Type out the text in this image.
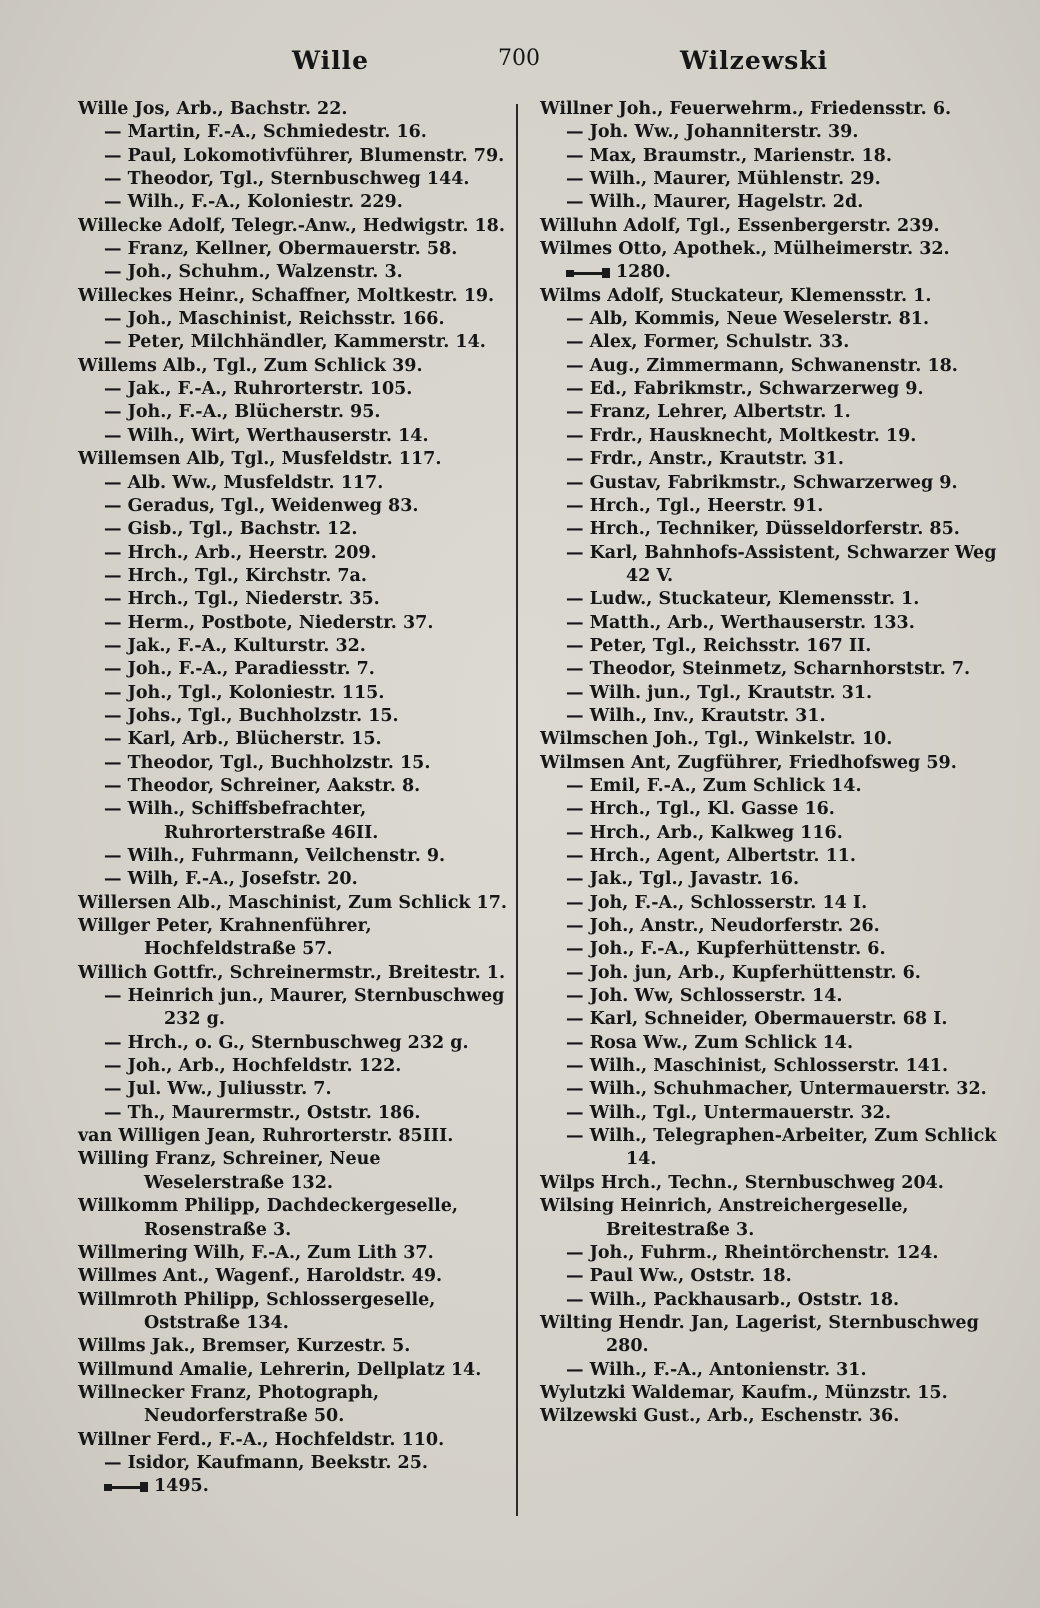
Wille	700	Wilzewski
Wille Jos, Arb., Bachstr. 22.
— Martin, F.-A., Schmiedestr. 16.
— Paul, Lokomotivführer, Blumenstr. 79.
— Theodor, Tgl., Sternbuschweg 144.
— Wilh., F.-A., Koloniestr. 229.
Willecke Adolf, Telegr.-Anw., Hedwigstr. 18.
— Franz, Kellner, Obermauerstr. 58.
— Joh., Schuhm., Walzenstr. 3.
Willeckes Heinr., Schaffner, Moltkestr. 19.
— Joh., Maschinist, Reichsstr. 166.
— Peter, Milchhändler, Kammerstr. 14.
Willems Alb., Tgl., Zum Schlick 39.
— Jak., F.-A., Ruhrorterstr. 105.
— Joh., F.-A., Blücherstr. 95.
— Wilh., Wirt, Werthauserstr. 14.
Willemsen Alb, Tgl., Musfeldstr. 117.
— Alb. Ww., Musfeldstr. 117.
— Geradus, Tgl., Weidenweg 83.
— Gisb., Tgl., Bachstr. 12.
— Hrch., Arb., Heerstr. 209.
— Hrch., Tgl., Kirchstr. 7a.
— Hrch., Tgl., Niederstr. 35.
— Herm., Postbote, Niederstr. 37.
— Jak., F.-A., Kulturstr. 32.
— Joh., F.-A., Paradiesstr. 7.
— Joh., Tgl., Koloniestr. 115.
— Johs., Tgl., Buchholzstr. 15.
— Karl, Arb., Blücherstr. 15.
— Theodor, Tgl., Buchholzstr. 15.
— Theodor, Schreiner, Aakstr. 8.
— Wilh., Schiffsbefrachter, Ruhrorterstraße 46II.
— Wilh., Fuhrmann, Veilchenstr. 9.
— Wilh, F.-A., Josefstr. 20.
Willersen Alb., Maschinist, Zum Schlick 17.
Willger Peter, Krahnenführer, Hochfeldstraße 57.
Willich Gottfr., Schreinermstr., Breitestr. 1.
— Heinrich jun., Maurer, Sternbuschweg 232 g.
— Hrch., o. G., Sternbuschweg 232 g.
— Joh., Arb., Hochfeldstr. 122.
— Jul. Ww., Juliusstr. 7.
— Th., Maurermstr., Oststr. 186.
van Willigen Jean, Ruhrorterstr. 85III.
Willing Franz, Schreiner, Neue Weselerstraße 132.
Willkomm Philipp, Dachdeckergeselle, Rosenstraße 3.
Willmering Wilh, F.-A., Zum Lith 37.
Willmes Ant., Wagenf., Haroldstr. 49.
Willmroth Philipp, Schlossergeselle, Oststraße 134.
Willms Jak., Bremser, Kurzestr. 5.
Willmund Amalie, Lehrerin, Dellplatz 14.
Willnecker Franz, Photograph, Neudorferstraße 50.
Willner Ferd., F.-A., Hochfeldstr. 110.
— Isidor, Kaufmann, Beekstr. 25.
1495.
Willner Joh., Feuerwehrm., Friedensstr. 6.
— Joh. Ww., Johanniterstr. 39.
— Max, Braumstr., Marienstr. 18.
— Wilh., Maurer, Mühlenstr. 29.
— Wilh., Maurer, Hagelstr. 2d.
Willuhn Adolf, Tgl., Essenbergerstr. 239.
Wilmes Otto, Apothek., Mülheimerstr. 32.
1280.
Wilms Adolf, Stuckateur, Klemensstr. 1.
— Alb, Kommis, Neue Weselerstr. 81.
— Alex, Former, Schulstr. 33.
— Aug., Zimmermann, Schwanenstr. 18.
— Ed., Fabrikmstr., Schwarzerweg 9.
— Franz, Lehrer, Albertstr. 1.
— Frdr., Hausknecht, Moltkestr. 19.
— Frdr., Anstr., Krautstr. 31.
— Gustav, Fabrikmstr., Schwarzerweg 9.
— Hrch., Tgl., Heerstr. 91.
— Hrch., Techniker, Düsseldorferstr. 85.
— Karl, Bahnhofs-Assistent, Schwarzer Weg 42 V.
— Ludw., Stuckateur, Klemensstr. 1.
— Matth., Arb., Werthauserstr. 133.
— Peter, Tgl., Reichsstr. 167 II.
— Theodor, Steinmetz, Scharnhorststr. 7.
— Wilh. jun., Tgl., Krautstr. 31.
— Wilh., Inv., Krautstr. 31.
Wilmschen Joh., Tgl., Winkelstr. 10.
Wilmsen Ant, Zugführer, Friedhofsweg 59.
— Emil, F.-A., Zum Schlick 14.
— Hrch., Tgl., Kl. Gasse 16.
— Hrch., Arb., Kalkweg 116.
— Hrch., Agent, Albertstr. 11.
— Jak., Tgl., Javastr. 16.
— Joh, F.-A., Schlosserstr. 14 I.
— Joh., Anstr., Neudorferstr. 26.
— Joh., F.-A., Kupferhüttenstr. 6.
— Joh. jun, Arb., Kupferhüttenstr. 6.
— Joh. Ww, Schlosserstr. 14.
— Karl, Schneider, Obermauerstr. 68 I.
— Rosa Ww., Zum Schlick 14.
— Wilh., Maschinist, Schlosserstr. 141.
— Wilh., Schuhmacher, Untermauerstr. 32.
— Wilh., Tgl., Untermauerstr. 32.
— Wilh., Telegraphen-Arbeiter, Zum Schlick 14.
Wilps Hrch., Techn., Sternbuschweg 204.
Wilsing Heinrich, Anstreichergeselle, Breitestraße 3.
— Joh., Fuhrm., Rheintörchenstr. 124.
— Paul Ww., Oststr. 18.
— Wilh., Packhausarb., Oststr. 18.
Wilting Hendr. Jan, Lagerist, Sternbuschweg 280.
— Wilh., F.-A., Antonienstr. 31.
Wylutzki Waldemar, Kaufm., Münzstr. 15.
Wilzewski Gust., Arb., Eschenstr. 36.
